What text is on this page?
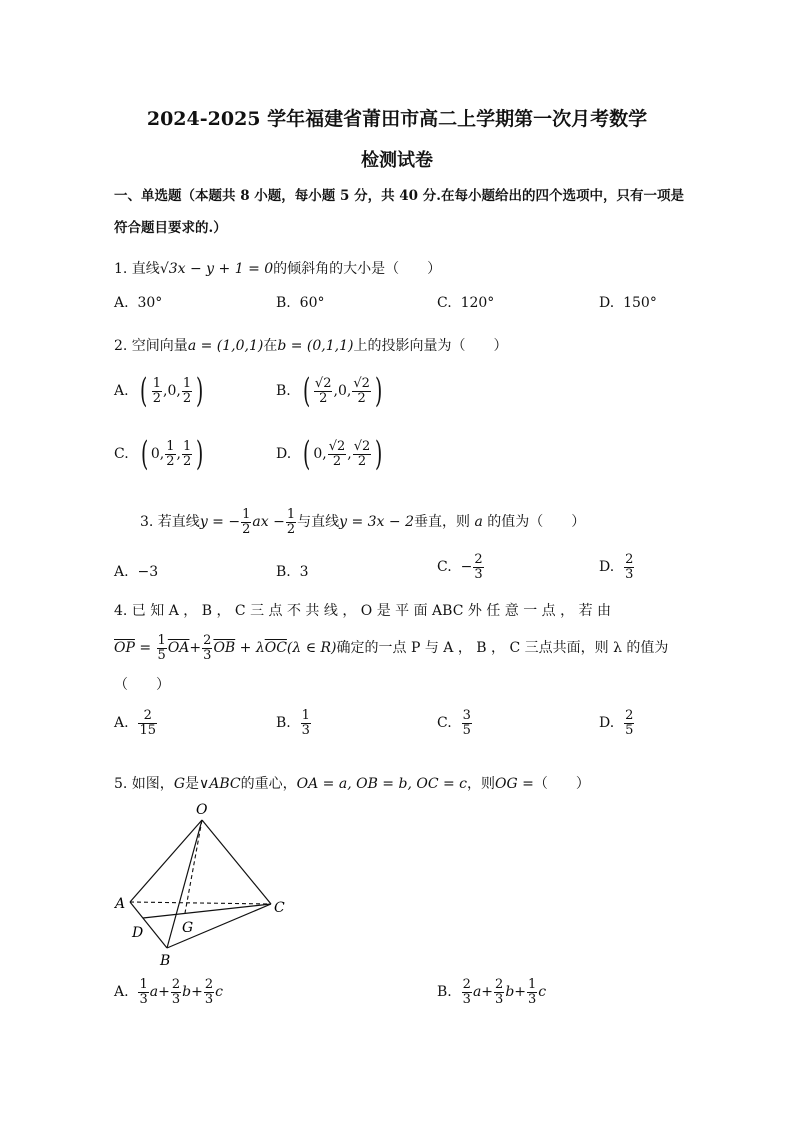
2024-2025 学年福建省莆田市高二上学期第一次月考数学
检测试卷
一、单选题（本题共 8 小题，每小题 5 分，共 40 分.在每小题给出的四个选项中，只有一项是
符合题目要求的.）
1. 直线√3x − y + 1 = 0的倾斜角的大小是（　　）
A. 30°	B. 60°	C. 120°	D. 150°
2. 空间向量a = (1,0,1)在b = (0,1,1)上的投影向量为（　　）
A. ( $\frac{1}{2} ,0$, $\frac{1}{2}$ )	B. ( $\frac{√2}{2} ,0$, $\frac{√2}{2}$ )
C. ( 0, $\frac{1}{2}$ , $\frac{1}{2}$ )	D. ( 0, $\frac{√2}{2}$ , $\frac{√2}{2}$ )
3. 若直线y = − $\frac{1}{2}$ ax − $\frac{1}{2}$ 与直线y = 3x − 2垂直，则 a 的值为（　　）
A. −3	B. 3	C. − $\frac{2}{3}$	D. $\frac{2}{3}$
4. 已 知 A ， B ， C 三 点 不 共 线 ， O 是 平 面 ABC 外 任 意 一 点 ， 若 由
$\overline{OP} = \frac{1}{5} \overline{OA}+ \frac{2}{3} \overline{OB} + \lambda\overline{OC}(\lambda$ ∈ R)确定的一点 P 与 A ， B ， C 三点共面，则 λ 的值为
（　　）
A. $\frac{2}{15}$	B. $\frac{1}{3}$	C. $\frac{3}{5}$	D. $\frac{2}{5}$
5. 如图，G是∨ABC的重心，OA = a, OB = b, OC = c，则OG =（　　）
O
A	C
D	G
B
A. $\frac{1}{3} a+ \frac{2}{3} b+ \frac{2}{3}$ c	B. $\frac{2}{3} a+ \frac{2}{3} b+ \frac{1}{3}$ c
